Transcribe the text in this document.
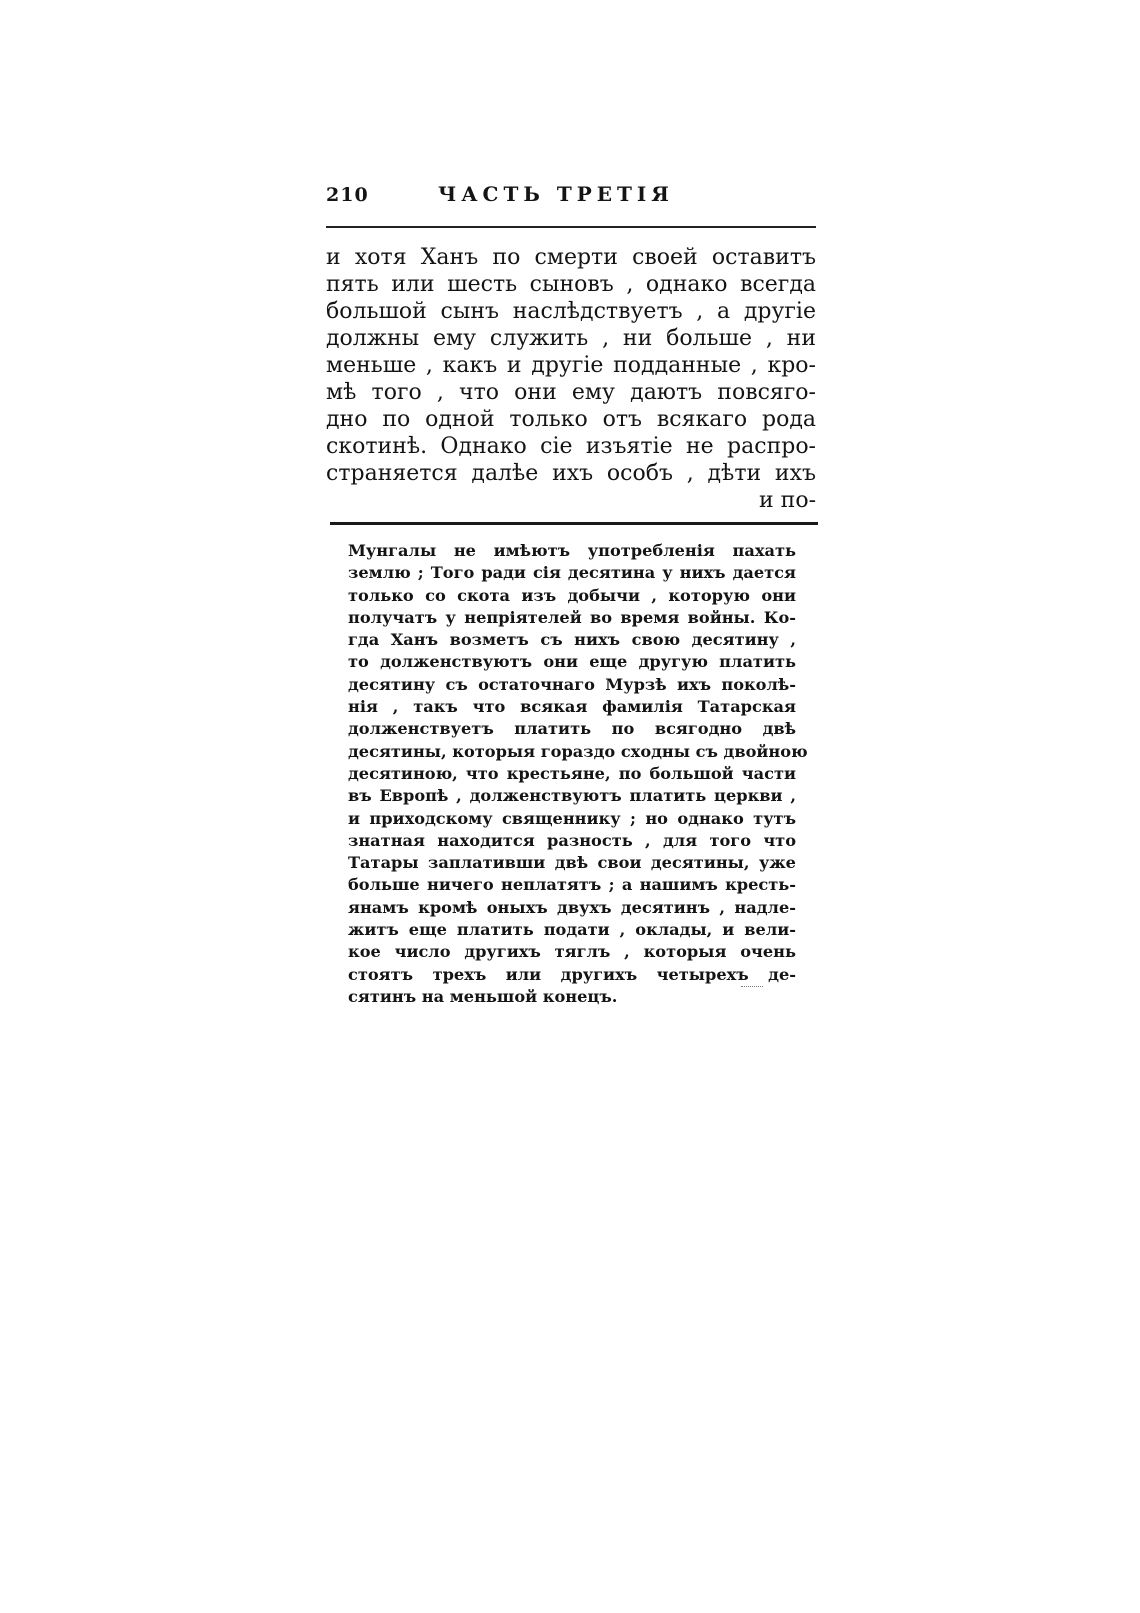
210	ЧАСТЬ ТРЕТІЯ
и хотя Ханъ по смерти своей оставитъ
пять или шесть сыновъ , однако всегда
большой сынъ наслѣдствуетъ , а другіе
должны ему служить , ни больше , ни
меньше , какъ и другіе подданные , кро-
мѣ того , что они ему даютъ повсяго-
дно по одной только отъ всякаго рода
скотинѣ. Однако сіе изъятіе не распро-
страняется далѣе ихъ особъ , дѣти ихъ
и по-
Мунгалы не имѣютъ употребленія пахать
землю ; Того ради сія десятина у нихъ дается
только со скота изъ добычи , которую они
получатъ у непріятелей во время войны. Ко-
гда Ханъ возметъ съ нихъ свою десятину ,
то долженствуютъ они еще другую платить
десятину съ остаточнаго Мурзѣ ихъ поколѣ-
нія , такъ что всякая фамилія Татарская
долженствуетъ платить по всягодно двѣ
десятины, которыя гораздо сходны съ двойною
десятиною, что крестьяне, по большой части
въ Европѣ , долженствуютъ платить церкви ,
и приходскому священнику ; но однако тутъ
знатная находится разность , для того что
Татары заплативши двѣ свои десятины, уже
больше ничего неплатятъ ; а нашимъ кресть-
янамъ кромѣ оныхъ двухъ десятинъ , надле-
житъ еще платить подати , оклады, и вели-
кое число другихъ тяглъ , которыя очень
стоятъ трехъ или другихъ четырехъ де-
сятинъ на меньшой конецъ.
